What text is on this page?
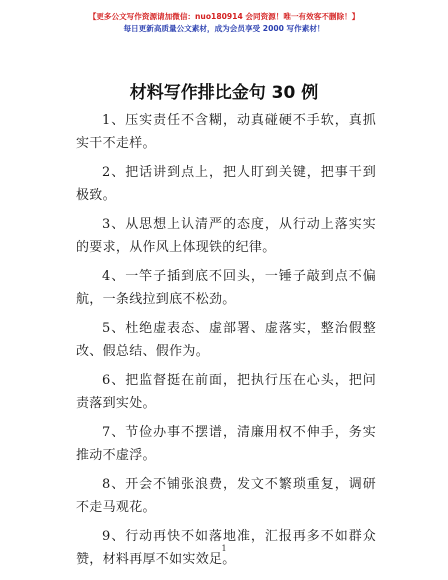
【更多公文写作资源请加微信：nuo180914 会同资源！唯一有效客不删除！】
每日更新高质量公文素材，成为会员享受 2000 写作素材！
材料写作排比金句 30 例
1、压实责任不含糊，动真碰硬不手软，真抓实干不走样。
2、把话讲到点上，把人盯到关键，把事干到极致。
3、从思想上认清严的态度，从行动上落实实的要求，从作风上体现铁的纪律。
4、一竿子插到底不回头，一锤子敲到点不偏航，一条线拉到底不松劲。
5、杜绝虚表态、虚部署、虚落实，整治假整改、假总结、假作为。
6、把监督挺在前面，把执行压在心头，把问责落到实处。
7、节俭办事不摆谱，清廉用权不伸手，务实推动不虚浮。
8、开会不铺张浪费，发文不繁琐重复，调研不走马观花。
9、行动再快不如落地准，汇报再多不如群众赞，材料再厚不如实效足。
1
